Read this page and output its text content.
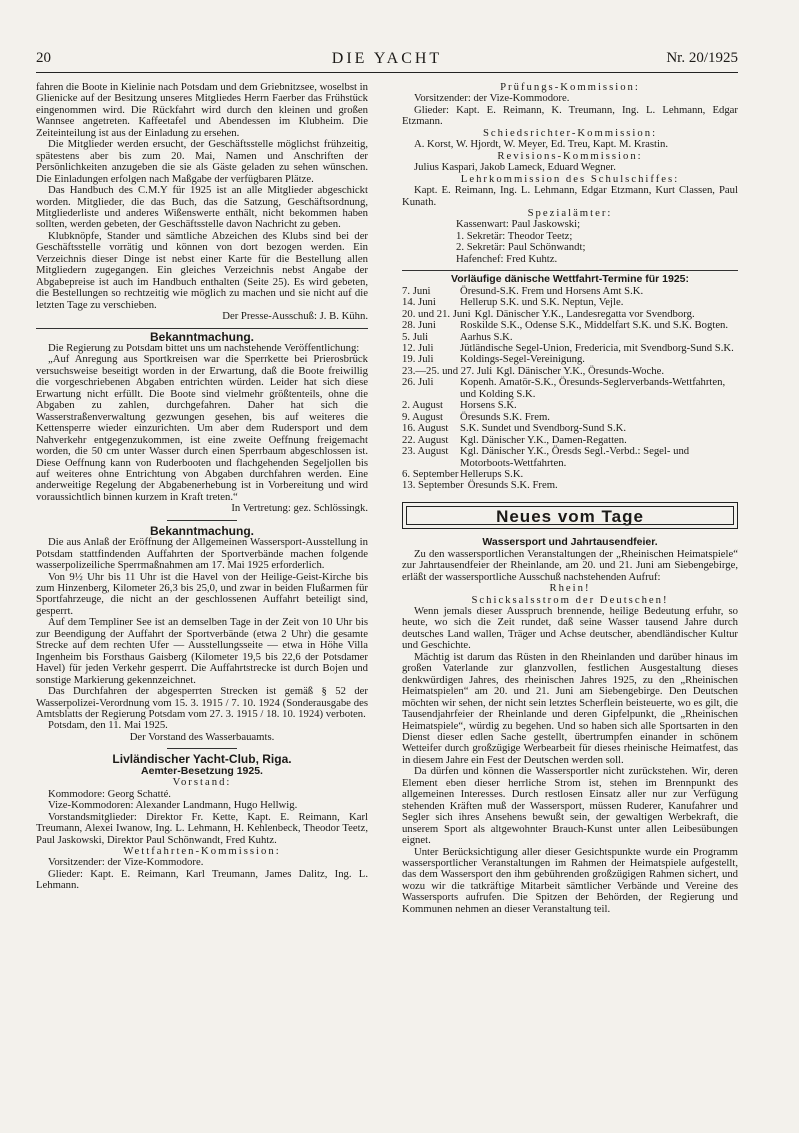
20	DIE YACHT	Nr. 20/1925

fahren die Boote in Kielinie nach Potsdam und dem Griebnitzsee, woselbst in Glienicke auf der Besitzung unseres Mitgliedes Herrn Faerber das Frühstück eingenommen wird. Die Rückfahrt wird durch den kleinen und großen Wannsee angetreten. Kaffeetafel und Abendessen im Klubheim. Die Zeiteinteilung ist aus der Einladung zu ersehen.

Die Mitglieder werden ersucht, der Geschäftsstelle möglichst frühzeitig, spätestens aber bis zum 20. Mai, Namen und Anschriften der Persönlichkeiten anzugeben die sie als Gäste geladen zu sehen wünschen. Die Einladungen erfolgen nach Maßgabe der verfügbaren Plätze.

Das Handbuch des C.M.Y für 1925 ist an alle Mitglieder abgeschickt worden. Mitglieder, die das Buch, das die Satzung, Geschäftsordnung, Mitgliederliste und anderes Wißenswerte enthält, nicht bekommen haben sollten, werden gebeten, der Geschäftsstelle davon Nachricht zu geben.

Klubknöpfe, Stander und sämtliche Abzeichen des Klubs sind bei der Geschäftsstelle vorrätig und können von dort bezogen werden. Ein Verzeichnis dieser Dinge ist nebst einer Karte für die Bestellung allen Mitgliedern zugegangen. Ein gleiches Verzeichnis nebst Angabe der Abgabepreise ist auch im Handbuch enthalten (Seite 25). Es wird gebeten, die Bestellungen so rechtzeitig wie möglich zu machen und sie nicht auf die letzten Tage zu verschieben.

Der Presse-Ausschuß: J. B. Kühn.

Bekanntmachung.

Die Regierung zu Potsdam bittet uns um nachstehende Veröffentlichung:

„Auf Anregung aus Sportkreisen war die Sperrkette bei Prierosbrück versuchsweise beseitigt worden in der Erwartung, daß die Boote freiwillig die vorgeschriebenen Abgaben entrichten würden. Leider hat sich diese Erwartung nicht erfüllt. Die Boote sind vielmehr größtenteils, ohne die Abgaben zu zahlen, durchgefahren. Daher hat sich die Wasserstraßenverwaltung gezwungen gesehen, bis auf weiteres die Kettensperre wieder einzurichten. Um aber dem Rudersport und dem Nahverkehr entgegenzukommen, ist eine zweite Oeffnung freigemacht worden, die 50 cm unter Wasser durch einen Sperrbaum abgeschlossen ist. Diese Oeffnung kann von Ruderbooten und flachgehenden Segeljollen bis auf weiteres ohne Entrichtung von Abgaben durchfahren werden. Eine anderweitige Regelung der Abgabenerhebung ist in Vorbereitung und wird voraussichtlich binnen kurzem in Kraft treten.“

In Vertretung: gez. Schlössingk.

Bekanntmachung.

Die aus Anlaß der Eröffnung der Allgemeinen Wassersport-Ausstellung in Potsdam stattfindenden Auffahrten der Sportverbände machen folgende wasserpolizeiliche Sperrmaßnahmen am 17. Mai 1925 erforderlich.

Von 9½ Uhr bis 11 Uhr ist die Havel von der Heilige-Geist-Kirche bis zum Hinzenberg, Kilometer 26,3 bis 25,0, und zwar in beiden Flußarmen für Sportfahrzeuge, die nicht an der geschlossenen Auffahrt beteiligt sind, gesperrt.

Auf dem Templiner See ist an demselben Tage in der Zeit von 10 Uhr bis zur Beendigung der Auffahrt der Sportverbände (etwa 2 Uhr) die gesamte Strecke auf dem rechten Ufer — Ausstellungsseite — etwa in Höhe Villa Ingenheim bis Forsthaus Gaisberg (Kilometer 19,5 bis 22,6 der Potsdamer Havel) für jeden Verkehr gesperrt. Die Auffahrtstrecke ist durch Bojen und sonstige Markierung gekennzeichnet.

Das Durchfahren der abgesperrten Strecken ist gemäß § 52 der Wasserpolizei-Verordnung vom 15. 3. 1915 / 7. 10. 1924 (Sonderausgabe des Amtsblatts der Regierung Potsdam vom 27. 3. 1915 / 18. 10. 1924) verboten.

Potsdam, den 11. Mai 1925.

Der Vorstand des Wasserbauamts.

Livländischer Yacht-Club, Riga.

Aemter-Besetzung 1925.

Vorstand:

Kommodore: Georg Schatté.

Vize-Kommodoren: Alexander Landmann, Hugo Hellwig.

Vorstandsmitglieder: Direktor Fr. Kette, Kapt. E. Reimann, Karl Treumann, Alexei Iwanow, Ing. L. Lehmann, H. Kehlenbeck, Theodor Teetz, Paul Jaskowski, Direktor Paul Schönwandt, Fred Kuhtz.

Wettfahrten-Kommission:

Vorsitzender: der Vize-Kommodore.

Glieder: Kapt. E. Reimann, Karl Treumann, James Dalitz, Ing. L. Lehmann.

Prüfungs-Kommission:

Vorsitzender: der Vize-Kommodore.

Glieder: Kapt. E. Reimann, K. Treumann, Ing. L. Lehmann, Edgar Etzmann.

Schiedsrichter-Kommission:

A. Korst, W. Hjordt, W. Meyer, Ed. Treu, Kapt. M. Krastin.

Revisions-Kommission:

Julius Kaspari, Jakob Lameck, Eduard Wegner.

Lehrkommission des Schulschiffes:

Kapt. E. Reimann, Ing. L. Lehmann, Edgar Etzmann, Kurt Classen, Paul Kunath.

Spezialämter:

Kassenwart: Paul Jaskowski;

1. Sekretär: Theodor Teetz;

2. Sekretär: Paul Schönwandt;

Hafenchef: Fred Kuhtz.

Vorläufige dänische Wettfahrt-Termine für 1925:

7. Juni	Öresund-S.K. Frem und Horsens Amt S.K.
14. Juni	Hellerup S.K. und S.K. Neptun, Vejle.
20. und 21. Juni Kgl. Dänischer Y.K., Landesregatta vor Svendborg.
28. Juni	Roskilde S.K., Odense S.K., Middelfart S.K. und S.K. Bogten.
5. Juli	Aarhus S.K.
12. Juli	Jütländische Segel-Union, Fredericia, mit Svendborg-Sund S.K.
19. Juli	Koldings-Segel-Vereinigung.
23.—25. und 27. Juli Kgl. Dänischer Y.K., Öresunds-Woche.
26. Juli	Kopenh. Amatör-S.K., Öresunds-Seglerverbands-Wettfahrten, und Kolding S.K.
2. August	Horsens S.K.
9. August	Öresunds S.K. Frem.
16. August	S.K. Sundet und Svendborg-Sund S.K.
22. August	Kgl. Dänischer Y.K., Damen-Regatten.
23. August	Kgl. Dänischer Y.K., Öresds Segl.-Verbd.: Segel- und Motorboots-Wettfahrten.
6. September Hellerups S.K.
13. September Öresunds S.K. Frem.
Neues vom Tage

Wassersport und Jahrtausendfeier.

Zu den wassersportlichen Veranstaltungen der „Rheinischen Heimatspiele“ zur Jahrtausendfeier der Rheinlande, am 20. und 21. Juni am Siebengebirge, erläßt der wassersportliche Ausschuß nachstehenden Aufruf:

Rhein!

Schicksalsstrom der Deutschen!

Wenn jemals dieser Ausspruch brennende, heilige Bedeutung erfuhr, so heute, wo sich die Zeit rundet, daß seine Wasser tausend Jahre durch deutsches Land wallen, Träger und Achse deutscher, abendländischer Kultur und Geschichte.

Mächtig ist darum das Rüsten in den Rheinlanden und darüber hinaus im großen Vaterlande zur glanzvollen, festlichen Ausgestaltung dieses denkwürdigen Jahres, des rheinischen Jahres 1925, zu den „Rheinischen Heimatspielen“ am 20. und 21. Juni am Siebengebirge. Den Deutschen möchten wir sehen, der nicht sein letztes Scherflein beisteuerte, wo es gilt, die Tausendjahrfeier der Rheinlande und deren Gipfelpunkt, die „Rheinischen Heimatspiele“, würdig zu begehen. Und so haben sich alle Sportsarten in den Dienst dieser edlen Sache gestellt, übertrumpfen einander in schönem Wetteifer durch großzügige Werbearbeit für dieses rheinische Heimatfest, das in diesem Jahre ein Fest der Deutschen werden soll.

Da dürfen und können die Wassersportler nicht zurückstehen. Wir, deren Element eben dieser herrliche Strom ist, stehen im Brennpunkt des allgemeinen Interesses. Durch restlosen Einsatz aller nur zur Verfügung stehenden Kräften muß der Wassersport, müssen Ruderer, Kanufahrer und Segler sich ihres Ansehens bewußt sein, der gewaltigen Werbekraft, die unserem Sport als altgewohnter Brauch-Kunst unter allen Leibesübungen eignet.

Unter Berücksichtigung aller dieser Gesichtspunkte wurde ein Programm wassersportlicher Veranstaltungen im Rahmen der Heimatspiele aufgestellt, das dem Wassersport den ihm gebührenden großzügigen Rahmen sichert, und wozu wir die tatkräftige Mitarbeit sämtlicher Verbände und Vereine des Wassersports aufrufen. Die Spitzen der Behörden, der Regierung und Kommunen nehmen an dieser Veranstaltung teil.
